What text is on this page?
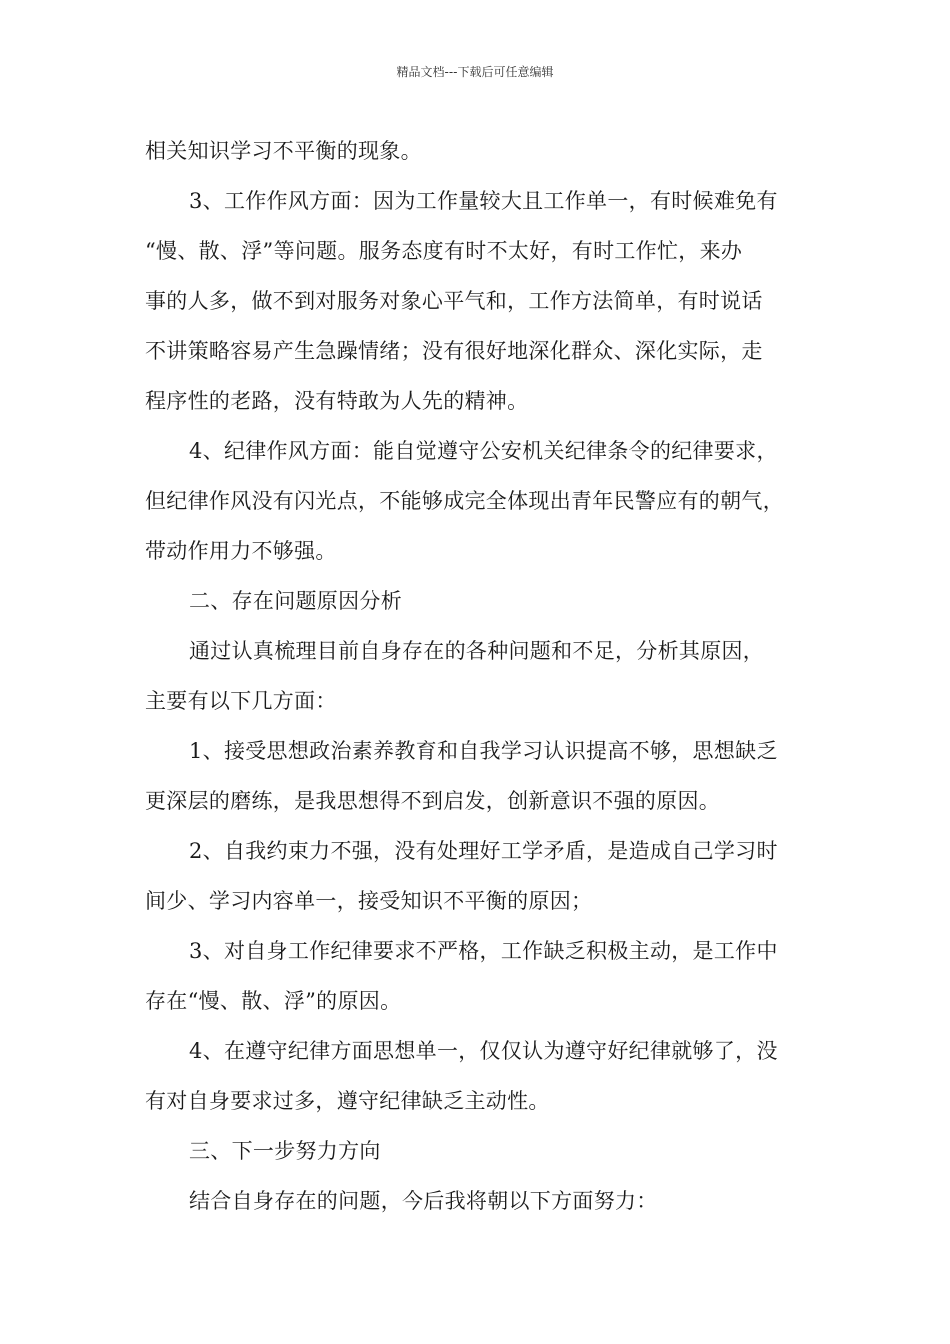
精品文档---下载后可任意编辑
相关知识学习不平衡的现象。
3、工作作风方面：因为工作量较大且工作单一，有时候难免有
“慢、散、浮”等问题。服务态度有时不太好，有时工作忙，来办
事的人多，做不到对服务对象心平气和，工作方法简单，有时说话
不讲策略容易产生急躁情绪；没有很好地深化群众、深化实际，走
程序性的老路，没有特敢为人先的精神。
4、纪律作风方面：能自觉遵守公安机关纪律条令的纪律要求，
但纪律作风没有闪光点，不能够成完全体现出青年民警应有的朝气，
带动作用力不够强。
二、存在问题原因分析
通过认真梳理目前自身存在的各种问题和不足，分析其原因，
主要有以下几方面：
1、接受思想政治素养教育和自我学习认识提高不够，思想缺乏
更深层的磨练，是我思想得不到启发，创新意识不强的原因。
2、自我约束力不强，没有处理好工学矛盾，是造成自己学习时
间少、学习内容单一，接受知识不平衡的原因；
3、对自身工作纪律要求不严格，工作缺乏积极主动，是工作中
存在“慢、散、浮”的原因。
4、在遵守纪律方面思想单一，仅仅认为遵守好纪律就够了，没
有对自身要求过多，遵守纪律缺乏主动性。
三、下一步努力方向
结合自身存在的问题，今后我将朝以下方面努力：
